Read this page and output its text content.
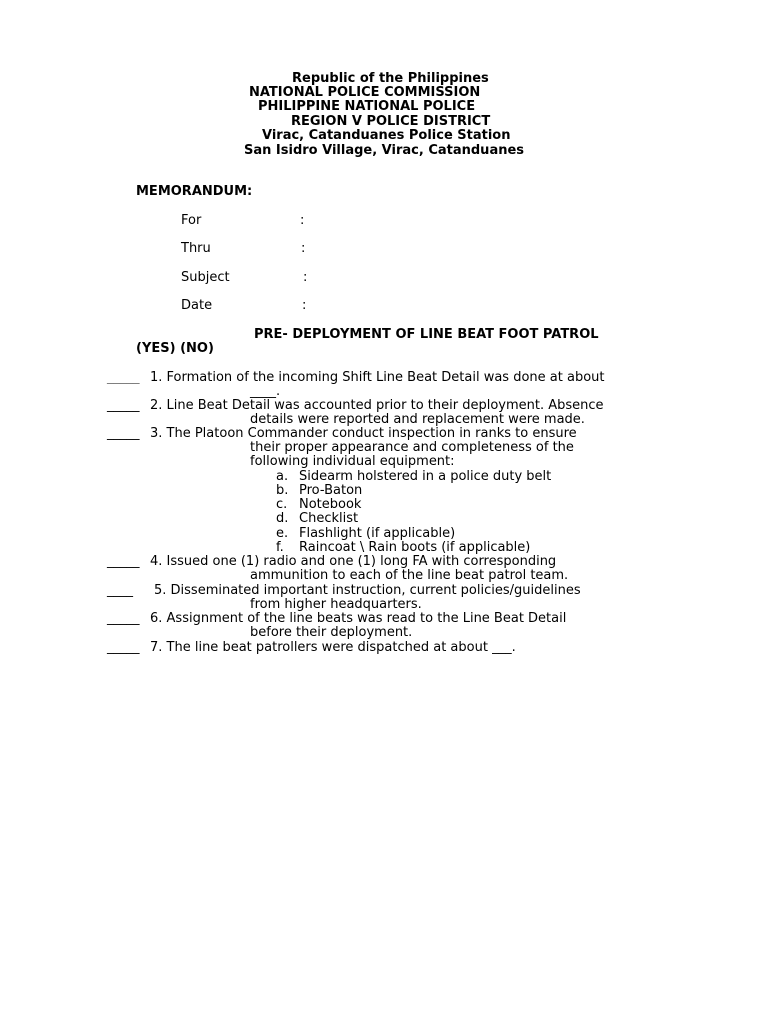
Republic of the Philippines
NATIONAL POLICE COMMISSION
PHILIPPINE NATIONAL POLICE
REGION V POLICE DISTRICT
Virac, Catanduanes Police Station
San Isidro Village, Virac, Catanduanes
MEMORANDUM:
For	:
Thru	:
Subject	:
Date	:
PRE- DEPLOYMENT OF LINE BEAT FOOT PATROL
(YES) (NO)
_____ 1. Formation of the incoming Shift Line Beat Detail was done at about
____.
_____ 2. Line Beat Detail was accounted prior to their deployment. Absence
details were reported and replacement were made.
_____ 3. The Platoon Commander conduct inspection in ranks to ensure
their proper appearance and completeness of the
following individual equipment:
a. Sidearm holstered in a police duty belt
b. Pro-Baton
c. Notebook
d. Checklist
e. Flashlight (if applicable)
f. Raincoat \ Rain boots (if applicable)
_____ 4. Issued one (1) radio and one (1) long FA with corresponding
ammunition to each of the line beat patrol team.
____ 5. Disseminated important instruction, current policies/guidelines
from higher headquarters.
_____ 6. Assignment of the line beats was read to the Line Beat Detail
before their deployment.
_____ 7. The line beat patrollers were dispatched at about ___.
